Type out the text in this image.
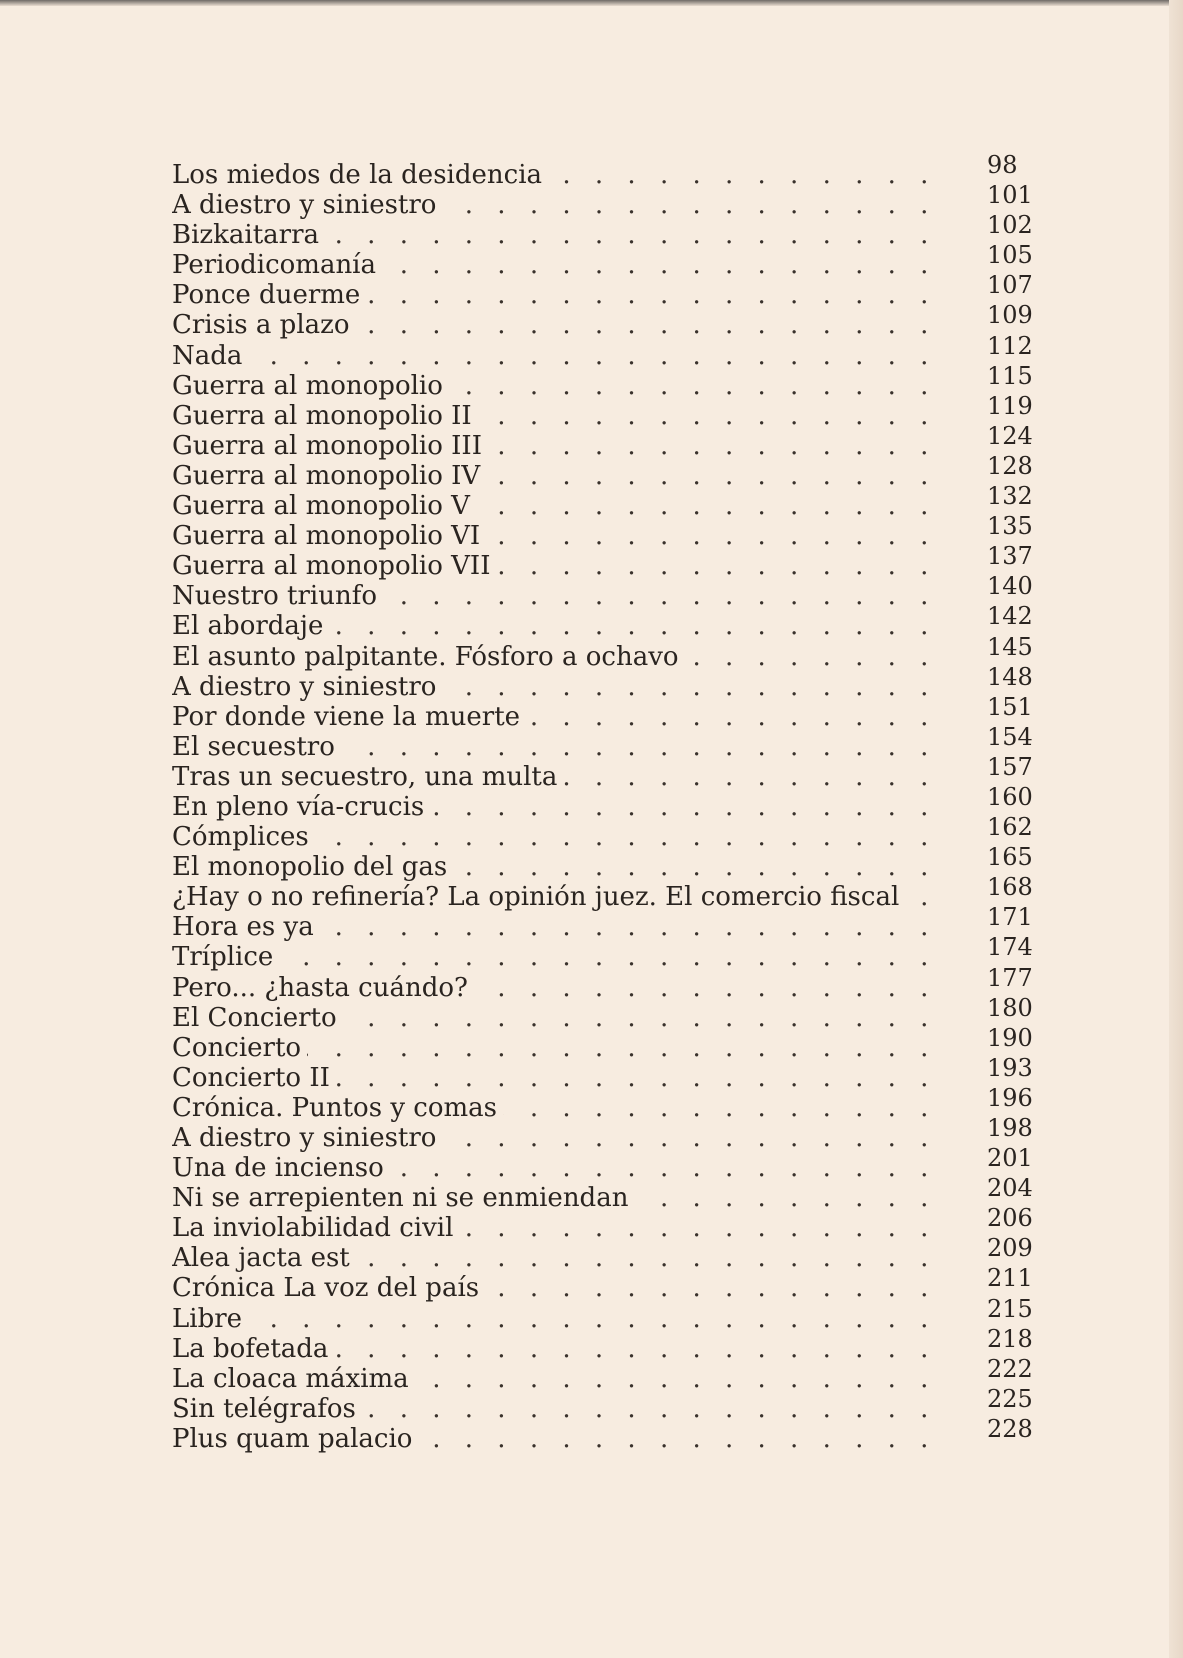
Los miedos de la desidencia . . .	98
A diestro y siniestro . . .	101
Bizkaitarra . . .	102
Periodicomanía . . .	105
Ponce duerme . . .	107
Crisis a plazo . . .	109
Nada . . .	112
Guerra al monopolio . . .	115
Guerra al monopolio II . . .	119
Guerra al monopolio III . . .	124
Guerra al monopolio IV . . .	128
Guerra al monopolio V . . .	132
Guerra al monopolio VI . . .	135
Guerra al monopolio VII . . .	137
Nuestro triunfo . . .	140
El abordaje . . .	142
El asunto palpitante. Fósforo a ochavo . . .	145
A diestro y siniestro . . .	148
Por donde viene la muerte . . .	151
El secuestro . . .	154
Tras un secuestro, una multa . . .	157
En pleno vía-crucis . . .	160
Cómplices . . .	162
El monopolio del gas . . .	165
¿Hay o no refinería? La opinión juez. El comercio fiscal . . .	168
Hora es ya . . .	171
Tríplice . . .	174
Pero... ¿hasta cuándo? . . .	177
El Concierto . . .	180
Concierto . . .	190
Concierto II . . .	193
Crónica. Puntos y comas . . .	196
A diestro y siniestro . . .	198
Una de incienso . . .	201
Ni se arrepienten ni se enmiendan . . .	204
La inviolabilidad civil . . .	206
Alea jacta est . . .	209
Crónica La voz del país . . .	211
Libre . . .	215
La bofetada . . .	218
La cloaca máxima . . .	222
Sin telégrafos . . .	225
Plus quam palacio . . .	228
